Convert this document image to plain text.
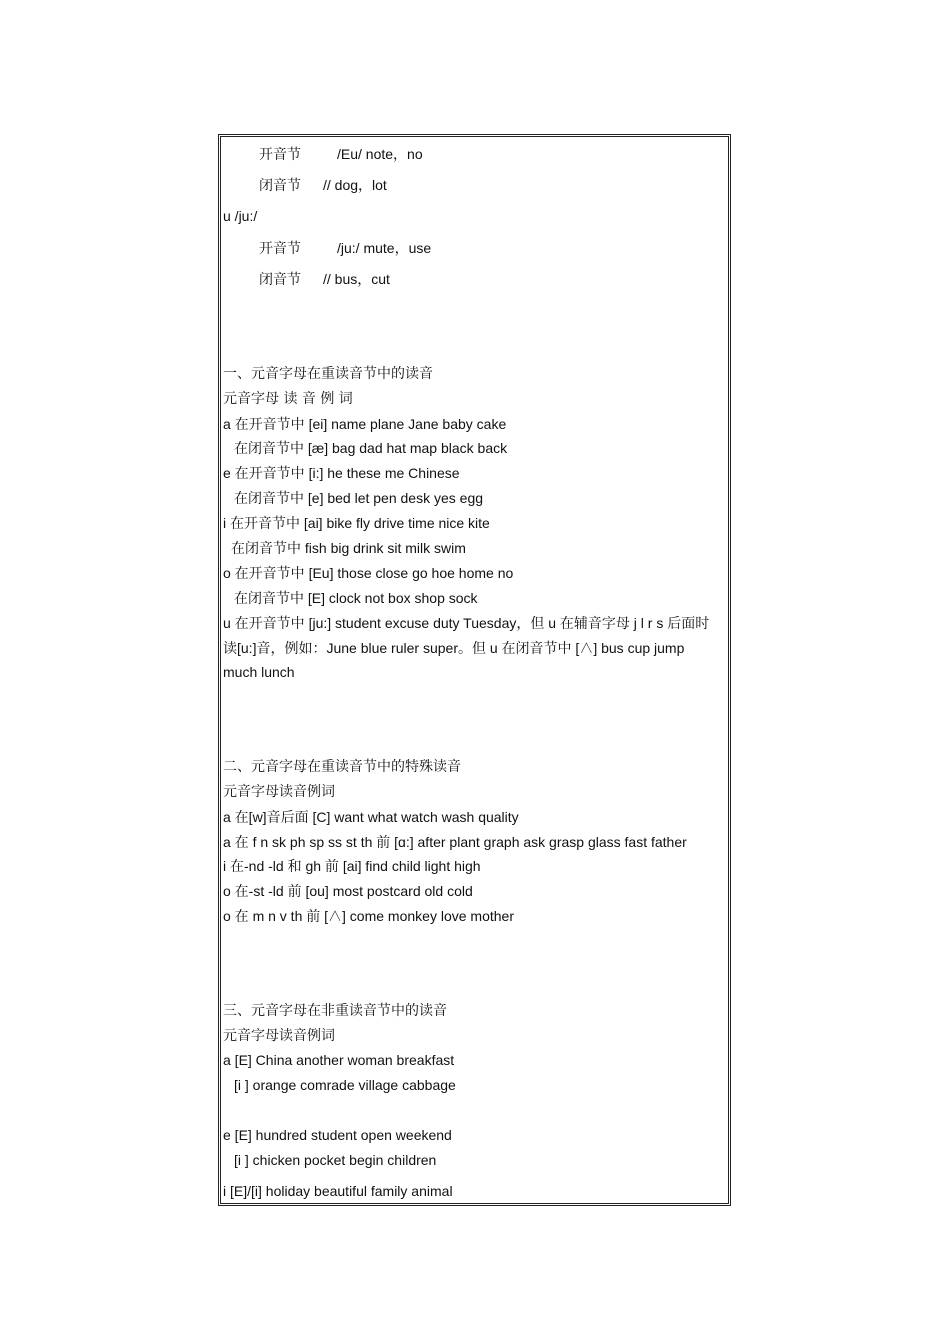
开音节	/Eu/ note，no
闭音节 // dog，lot
u /ju:/
开音节	/ju:/ mute，use
闭音节 // bus，cut
一、元音字母在重读音节中的读音
元音字母 读 音 例 词
a 在开音节中 [ei] name plane Jane baby cake
在闭音节中 [æ] bag dad hat map black back
e 在开音节中 [i:] he these me Chinese
在闭音节中 [e] bed let pen desk yes egg
i 在开音节中 [ai] bike fly drive time nice kite
在闭音节中 fish big drink sit milk swim
o 在开音节中 [Eu] those close go hoe home no
在闭音节中 [E] clock not box shop sock
u 在开音节中 [ju:] student excuse duty Tuesday，但 u 在辅音字母 j l r s 后面时
读[u:]音，例如：June blue ruler super。但 u 在闭音节中 [∧] bus cup jump
much lunch
二、元音字母在重读音节中的特殊读音
元音字母读音例词
a 在[w]音后面 [C] want what watch wash quality
a 在 f n sk ph sp ss st th 前 [ɑ:] after plant graph ask grasp glass fast father
i 在-nd -ld 和 gh 前 [ai] find child light high
o 在-st -ld 前 [ou] most postcard old cold
o 在 m n v th 前 [∧] come monkey love mother
三、元音字母在非重读音节中的读音
元音字母读音例词
a [E] China another woman breakfast
[i ] orange comrade village cabbage
e [E] hundred student open weekend
[i ] chicken pocket begin children
i [E]/[i] holiday beautiful family animal
